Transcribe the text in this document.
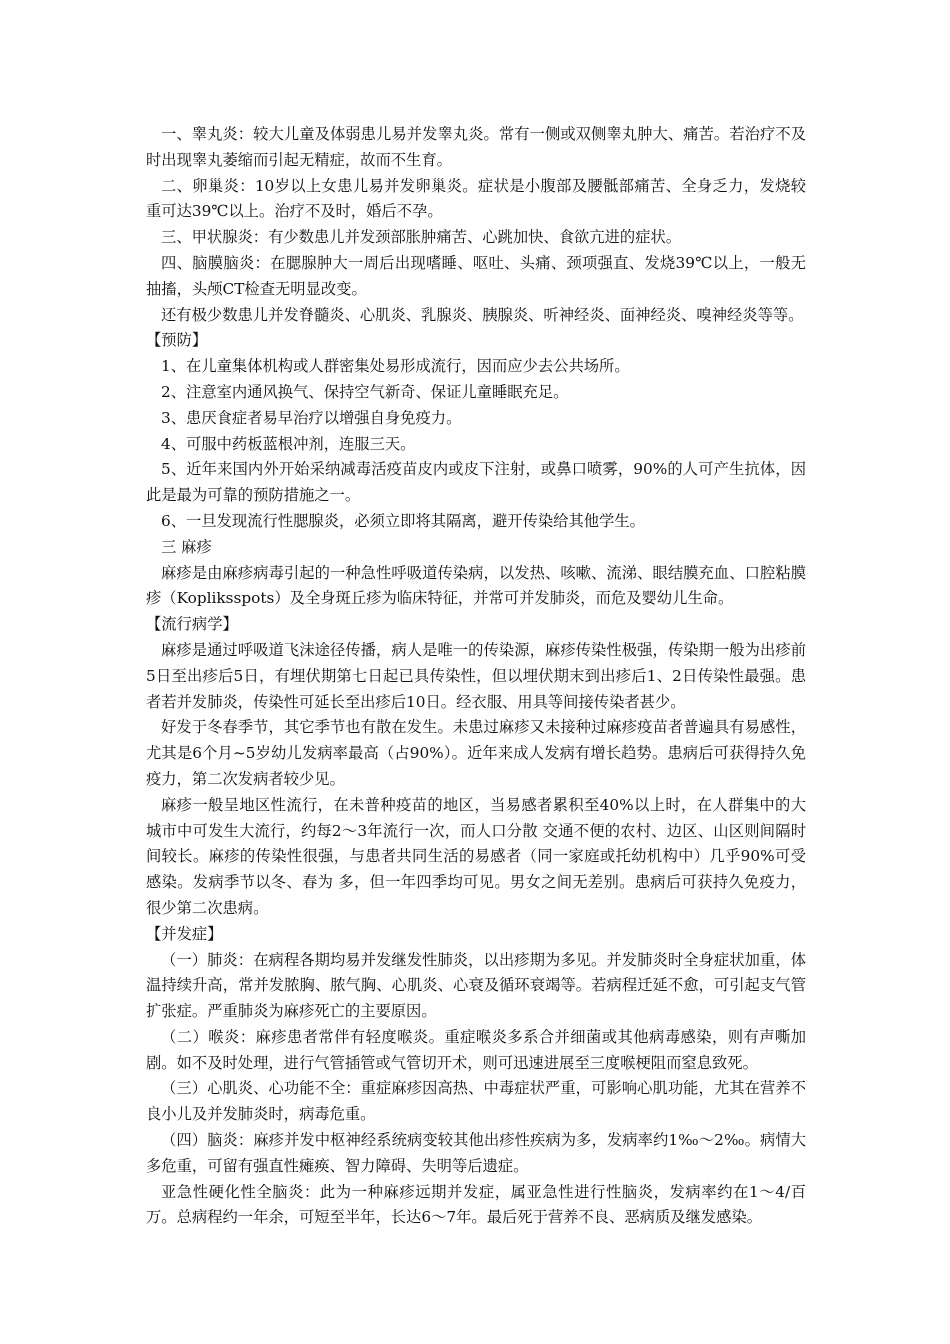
一、睾丸炎：较大儿童及体弱患儿易并发睾丸炎。常有一侧或双侧睾丸肿大、痛苦。若治疗不及时出现睾丸萎缩而引起无精症，故而不生育。

二、卵巢炎：10岁以上女患儿易并发卵巢炎。症状是小腹部及腰骶部痛苦、全身乏力，发烧较重可达39℃以上。治疗不及时，婚后不孕。

三、甲状腺炎：有少数患儿并发颈部胀肿痛苦、心跳加快、食欲亢进的症状。

四、脑膜脑炎：在腮腺肿大一周后出现嗜睡、呕吐、头痛、颈项强直、发烧39℃以上，一般无抽搐，头颅CT检查无明显改变。

还有极少数患儿并发脊髓炎、心肌炎、乳腺炎、胰腺炎、听神经炎、面神经炎、嗅神经炎等等。

【预防】

1、在儿童集体机构或人群密集处易形成流行，因而应少去公共场所。

2、注意室内通风换气、保持空气新奇、保证儿童睡眠充足。

3、患厌食症者易早治疗以增强自身免疫力。

4、可服中药板蓝根冲剂，连服三天。

5、近年来国内外开始采纳减毒活疫苗皮内或皮下注射，或鼻口喷雾，90%的人可产生抗体，因此是最为可靠的预防措施之一。

6、一旦发现流行性腮腺炎，必须立即将其隔离，避开传染给其他学生。

三 麻疹

麻疹是由麻疹病毒引起的一种急性呼吸道传染病，以发热、咳嗽、流涕、眼结膜充血、口腔粘膜疹（Kopliksspots）及全身斑丘疹为临床特征，并常可并发肺炎，而危及婴幼儿生命。

【流行病学】

麻疹是通过呼吸道飞沫途径传播，病人是唯一的传染源，麻疹传染性极强，传染期一般为出疹前5日至出疹后5日，有埋伏期第七日起已具传染性，但以埋伏期末到出疹后1、2日传染性最强。患者若并发肺炎，传染性可延长至出疹后10日。经衣服、用具等间接传染者甚少。

好发于冬春季节，其它季节也有散在发生。未患过麻疹又未接种过麻疹疫苗者普遍具有易感性，尤其是6个月~5岁幼儿发病率最高（占90%）。近年来成人发病有增长趋势。患病后可获得持久免疫力，第二次发病者较少见。

麻疹一般呈地区性流行，在未普种疫苗的地区，当易感者累积至40%以上时，在人群集中的大城市中可发生大流行，约每2～3年流行一次，而人口分散 交通不便的农村、边区、山区则间隔时间较长。麻疹的传染性很强，与患者共同生活的易感者（同一家庭或托幼机构中）几乎90%可受感染。发病季节以冬、春为 多，但一年四季均可见。男女之间无差别。患病后可获持久免疫力，很少第二次患病。

【并发症】

（一）肺炎：在病程各期均易并发继发性肺炎，以出疹期为多见。并发肺炎时全身症状加重，体温持续升高，常并发脓胸、脓气胸、心肌炎、心衰及循环衰竭等。若病程迁延不愈，可引起支气管扩张症。严重肺炎为麻疹死亡的主要原因。

（二）喉炎：麻疹患者常伴有轻度喉炎。重症喉炎多系合并细菌或其他病毒感染，则有声嘶加剧。如不及时处理，进行气管插管或气管切开术，则可迅速进展至三度喉梗阻而窒息致死。

（三）心肌炎、心功能不全：重症麻疹因高热、中毒症状严重，可影响心肌功能，尤其在营养不良小儿及并发肺炎时，病毒危重。

（四）脑炎：麻疹并发中枢神经系统病变较其他出疹性疾病为多，发病率约1‰～2‰。病情大多危重，可留有强直性瘫痪、智力障碍、失明等后遗症。

亚急性硬化性全脑炎：此为一种麻疹远期并发症，属亚急性进行性脑炎，发病率约在1～4/百万。总病程约一年余，可短至半年，长达6～7年。最后死于营养不良、恶病质及继发感染。
